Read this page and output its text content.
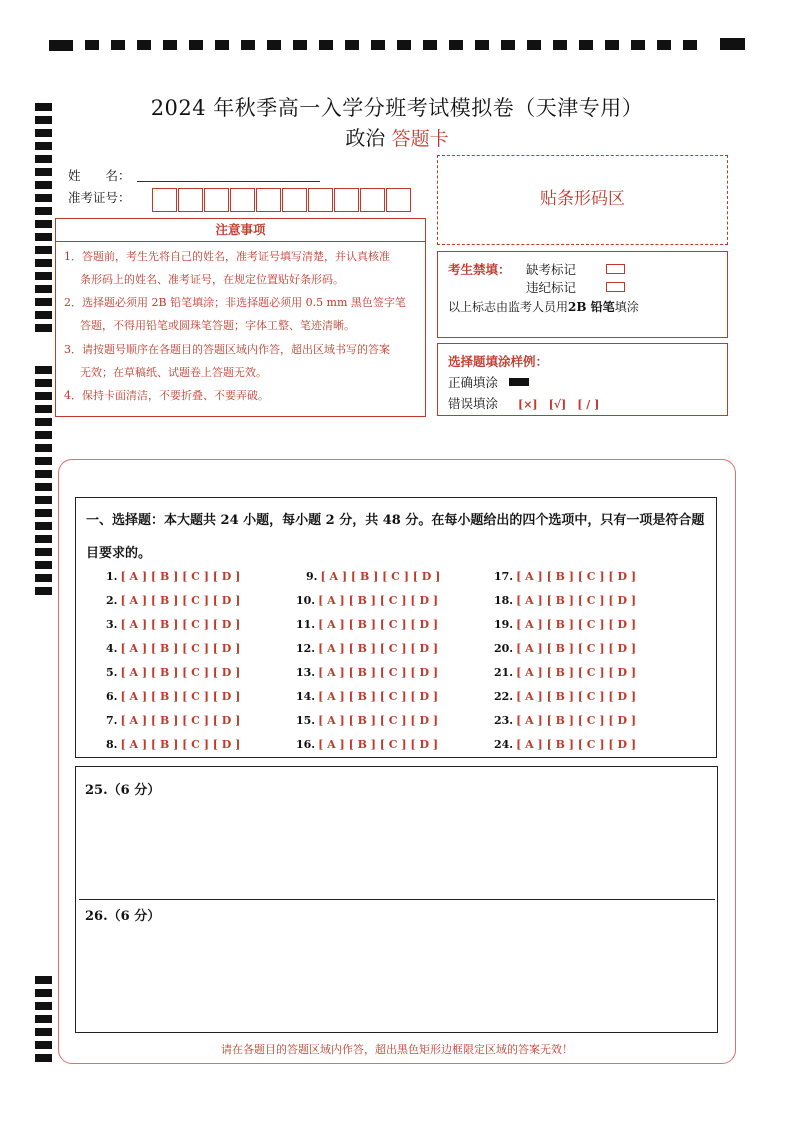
2024 年秋季高一入学分班考试模拟卷（天津专用）
政治 答题卡
姓　　名：
准考证号：
注意事项
1．答题前，考生先将自己的姓名，准考证号填写清楚，并认真核准
条形码上的姓名、准考证号，在规定位置贴好条形码。
2．选择题必须用 2B 铅笔填涂；非选择题必须用 0.5 mm 黑色签字笔
答题，不得用铅笔或圆珠笔答题；字体工整、笔迹清晰。
3．请按题号顺序在各题目的答题区域内作答，超出区域书写的答案
无效；在草稿纸、试题卷上答题无效。
4．保持卡面清洁，不要折叠、不要弄破。
贴条形码区
考生禁填： 缺考标记
违纪标记
以上标志由监考人员用2B 铅笔填涂
选择题填涂样例：
正确填涂
错误填涂 [×]　[√]　[ / ]
一、选择题：本大题共 24 小题，每小题 2 分，共 48 分。在每小题给出的四个选项中，只有一项是符合题目要求的。
1. [ A ] [ B ] [ C ] [ D ]
2. [ A ] [ B ] [ C ] [ D ]
3. [ A ] [ B ] [ C ] [ D ]
4. [ A ] [ B ] [ C ] [ D ]
5. [ A ] [ B ] [ C ] [ D ]
6. [ A ] [ B ] [ C ] [ D ]
7. [ A ] [ B ] [ C ] [ D ]
8. [ A ] [ B ] [ C ] [ D ]
9. [ A ] [ B ] [ C ] [ D ]
10. [ A ] [ B ] [ C ] [ D ]
11. [ A ] [ B ] [ C ] [ D ]
12. [ A ] [ B ] [ C ] [ D ]
13. [ A ] [ B ] [ C ] [ D ]
14. [ A ] [ B ] [ C ] [ D ]
15. [ A ] [ B ] [ C ] [ D ]
16. [ A ] [ B ] [ C ] [ D ]
17. [ A ] [ B ] [ C ] [ D ]
18. [ A ] [ B ] [ C ] [ D ]
19. [ A ] [ B ] [ C ] [ D ]
20. [ A ] [ B ] [ C ] [ D ]
21. [ A ] [ B ] [ C ] [ D ]
22. [ A ] [ B ] [ C ] [ D ]
23. [ A ] [ B ] [ C ] [ D ]
24. [ A ] [ B ] [ C ] [ D ]
25.（6 分）
26.（6 分）
请在各题目的答题区域内作答，超出黑色矩形边框限定区域的答案无效！
